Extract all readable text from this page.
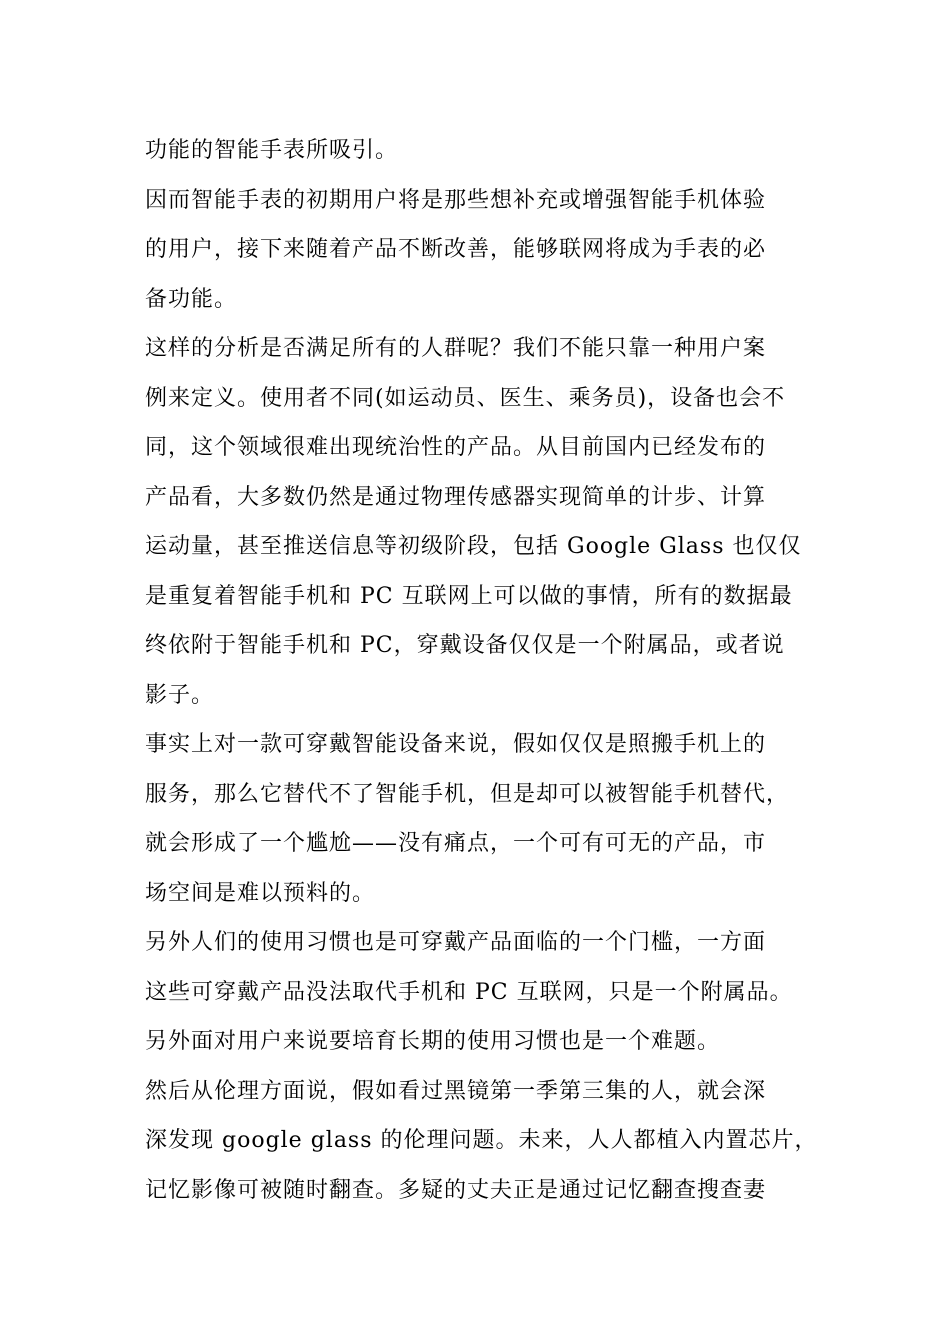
功能的智能手表所吸引。
因而智能手表的初期用户将是那些想补充或增强智能手机体验
的用户，接下来随着产品不断改善，能够联网将成为手表的必
备功能。
这样的分析是否满足所有的人群呢？我们不能只靠一种用户案
例来定义。使用者不同(如运动员、医生、乘务员)，设备也会不
同，这个领域很难出现统治性的产品。从目前国内已经发布的
产品看，大多数仍然是通过物理传感器实现简单的计步、计算
运动量，甚至推送信息等初级阶段，包括 Google Glass 也仅仅
是重复着智能手机和 PC 互联网上可以做的事情，所有的数据最
终依附于智能手机和 PC，穿戴设备仅仅是一个附属品，或者说
影子。
事实上对一款可穿戴智能设备来说，假如仅仅是照搬手机上的
服务，那么它替代不了智能手机，但是却可以被智能手机替代，
就会形成了一个尴尬——没有痛点，一个可有可无的产品，市
场空间是难以预料的。
另外人们的使用习惯也是可穿戴产品面临的一个门槛，一方面
这些可穿戴产品没法取代手机和 PC 互联网，只是一个附属品。
另外面对用户来说要培育长期的使用习惯也是一个难题。
然后从伦理方面说，假如看过黑镜第一季第三集的人，就会深
深发现 google glass 的伦理问题。未来，人人都植入内置芯片，
记忆影像可被随时翻查。多疑的丈夫正是通过记忆翻查搜查妻
